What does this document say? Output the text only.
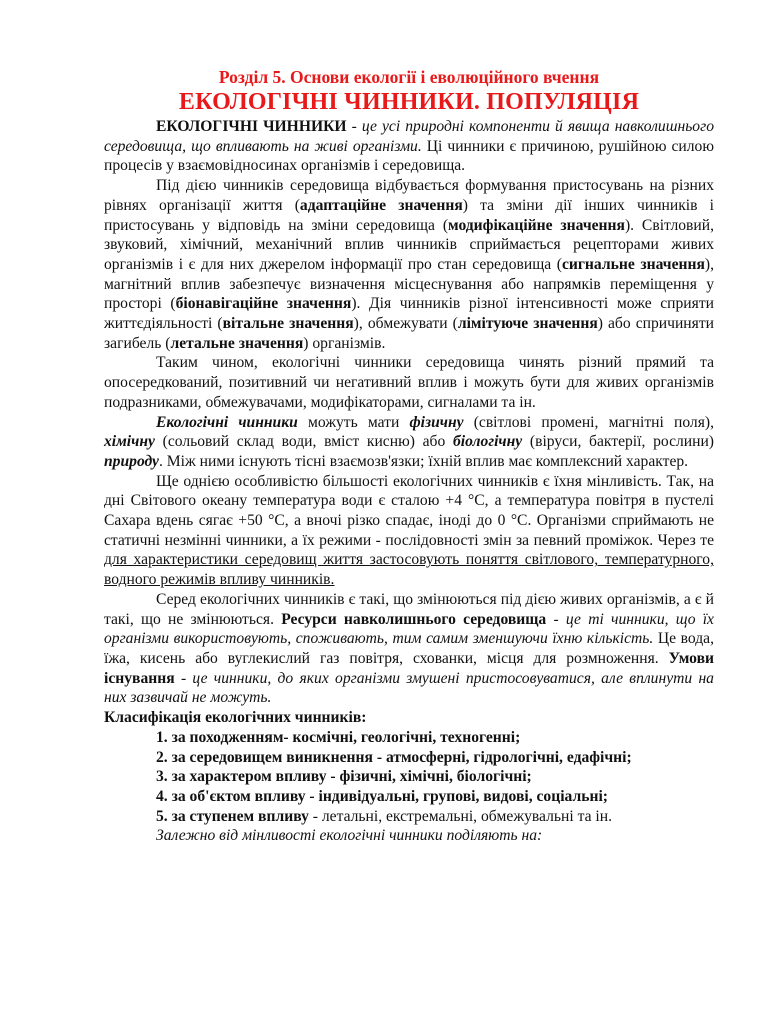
Розділ 5. Основи екології і еволюційного вчення
ЕКОЛОГІЧНІ ЧИННИКИ. ПОПУЛЯЦІЯ

ЕКОЛОГІЧНІ ЧИННИКИ - це усі природні компоненти й явища навколишнього середовища, що впливають на живі організми. Ці чинники є причиною, рушійною силою процесів у взаємовідносинах організмів і середовища.

Під дією чинників середовища відбувається формування пристосувань на різних рівнях організації життя (адаптаційне значення) та зміни дії інших чинників і пристосувань у відповідь на зміни середовища (модифікаційне значення). Світловий, звуковий, хімічний, механічний вплив чинників сприймається рецепторами живих організмів і є для них джерелом інформації про стан середовища (сигнальне значення), магнітний вплив забезпечує визначення місцеснування або напрямків переміщення у просторі (біонавігаційне значення). Дія чинників різної інтенсивності може сприяти життєдіяльності (вітальне значення), обмежувати (лімітуюче значення) або спричиняти загибель (летальне значення) організмів.

Таким чином, екологічні чинники середовища чинять різний прямий та опосередкований, позитивний чи негативний вплив і можуть бути для живих організмів подразниками, обмежувачами, модифікаторами, сигналами та ін.

Екологічні чинники можуть мати фізичну (світлові промені, магнітні поля), хімічну (сольовий склад води, вміст кисню) або біологічну (віруси, бактерії, рослини) природу. Між ними існують тісні взаємозв'язки; їхній вплив має комплексний характер.

Ще однією особливістю більшості екологічних чинників є їхня мінливість. Так, на дні Світового океану температура води є сталою +4 °С, а температура повітря в пустелі Сахара вдень сягає +50 °С, а вночі різко спадає, іноді до 0 °С. Організми сприймають не статичні незмінні чинники, а їх режими - послідовності змін за певний проміжок. Через те для характеристики середовищ життя застосовують поняття світлового, температурного, водного режимів впливу чинників.

Серед екологічних чинників є такі, що змінюються під дією живих організмів, а є й такі, що не змінюються. Ресурси навколишнього середовища - це ті чинники, що їх організми використовують, споживають, тим самим зменшуючи їхню кількість. Це вода, їжа, кисень або вуглекислий газ повітря, схованки, місця для розмноження. Умови існування - це чинники, до яких організми змушені пристосовуватися, але вплинути на них зазвичай не можуть.

Класифікація екологічних чинників:

1. за походженням- космічні, геологічні, техногенні;
2. за середовищем виникнення - атмосферні, гідрологічні, едафічні;
3. за характером впливу - фізичні, хімічні, біологічні;
4. за об'єктом впливу - індивідуальні, групові, видові, соціальні;
5. за ступенем впливу - летальні, екстремальні, обмежувальні та ін.

Залежно від мінливості екологічні чинники поділяють на:
